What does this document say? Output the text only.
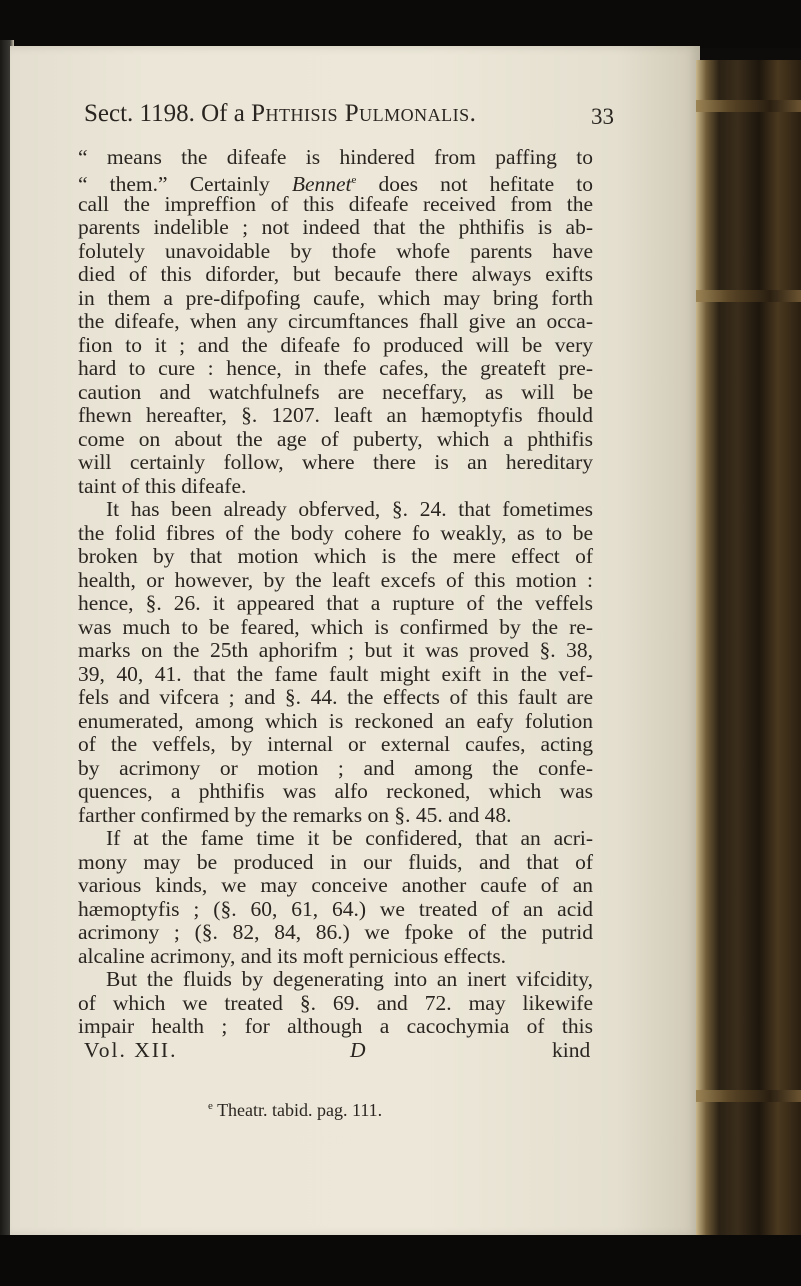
Sect. 1198. Of a Phthisis Pulmonalis.	33
“ means the difeafe is hindered from paffing to
“ them.” Certainly Bennet$^e$ does not hefitate to
call the impreffion of this difeafe received from the
parents indelible ; not indeed that the phthifis is ab-
folutely unavoidable by thofe whofe parents have
died of this diforder, but becaufe there always exifts
in them a pre-difpofing caufe, which may bring forth
the difeafe, when any circumftances fhall give an occa-
fion to it ; and the difeafe fo produced will be very
hard to cure : hence, in thefe cafes, the greateft pre-
caution and watchfulnefs are neceffary, as will be
fhewn hereafter, §. 1207. leaft an hæmoptyfis fhould
come on about the age of puberty, which a phthifis
will certainly follow, where there is an hereditary
taint of this difeafe.
It has been already obferved, §. 24. that fometimes
the folid fibres of the body cohere fo weakly, as to be
broken by that motion which is the mere effect of
health, or however, by the leaft excefs of this motion :
hence, §. 26. it appeared that a rupture of the veffels
was much to be feared, which is confirmed by the re-
marks on the 25th aphorifm ; but it was proved §. 38,
39, 40, 41. that the fame fault might exift in the vef-
fels and vifcera ; and §. 44. the effects of this fault are
enumerated, among which is reckoned an eafy folution
of the veffels, by internal or external caufes, acting
by acrimony or motion ; and among the confe-
quences, a phthifis was alfo reckoned, which was
farther confirmed by the remarks on §. 45. and 48.
If at the fame time it be confidered, that an acri-
mony may be produced in our fluids, and that of
various kinds, we may conceive another caufe of an
hæmoptyfis ; (§. 60, 61, 64.) we treated of an acid
acrimony ; (§. 82, 84, 86.) we fpoke of the putrid
alcaline acrimony, and its moft pernicious effects.
But the fluids by degenerating into an inert vifcidity,
of which we treated §. 69. and 72. may likewife
impair health ; for although a cacochymia of this
Vol. XII.	D	kind
$^e$ Theatr. tabid. pag. 111.
